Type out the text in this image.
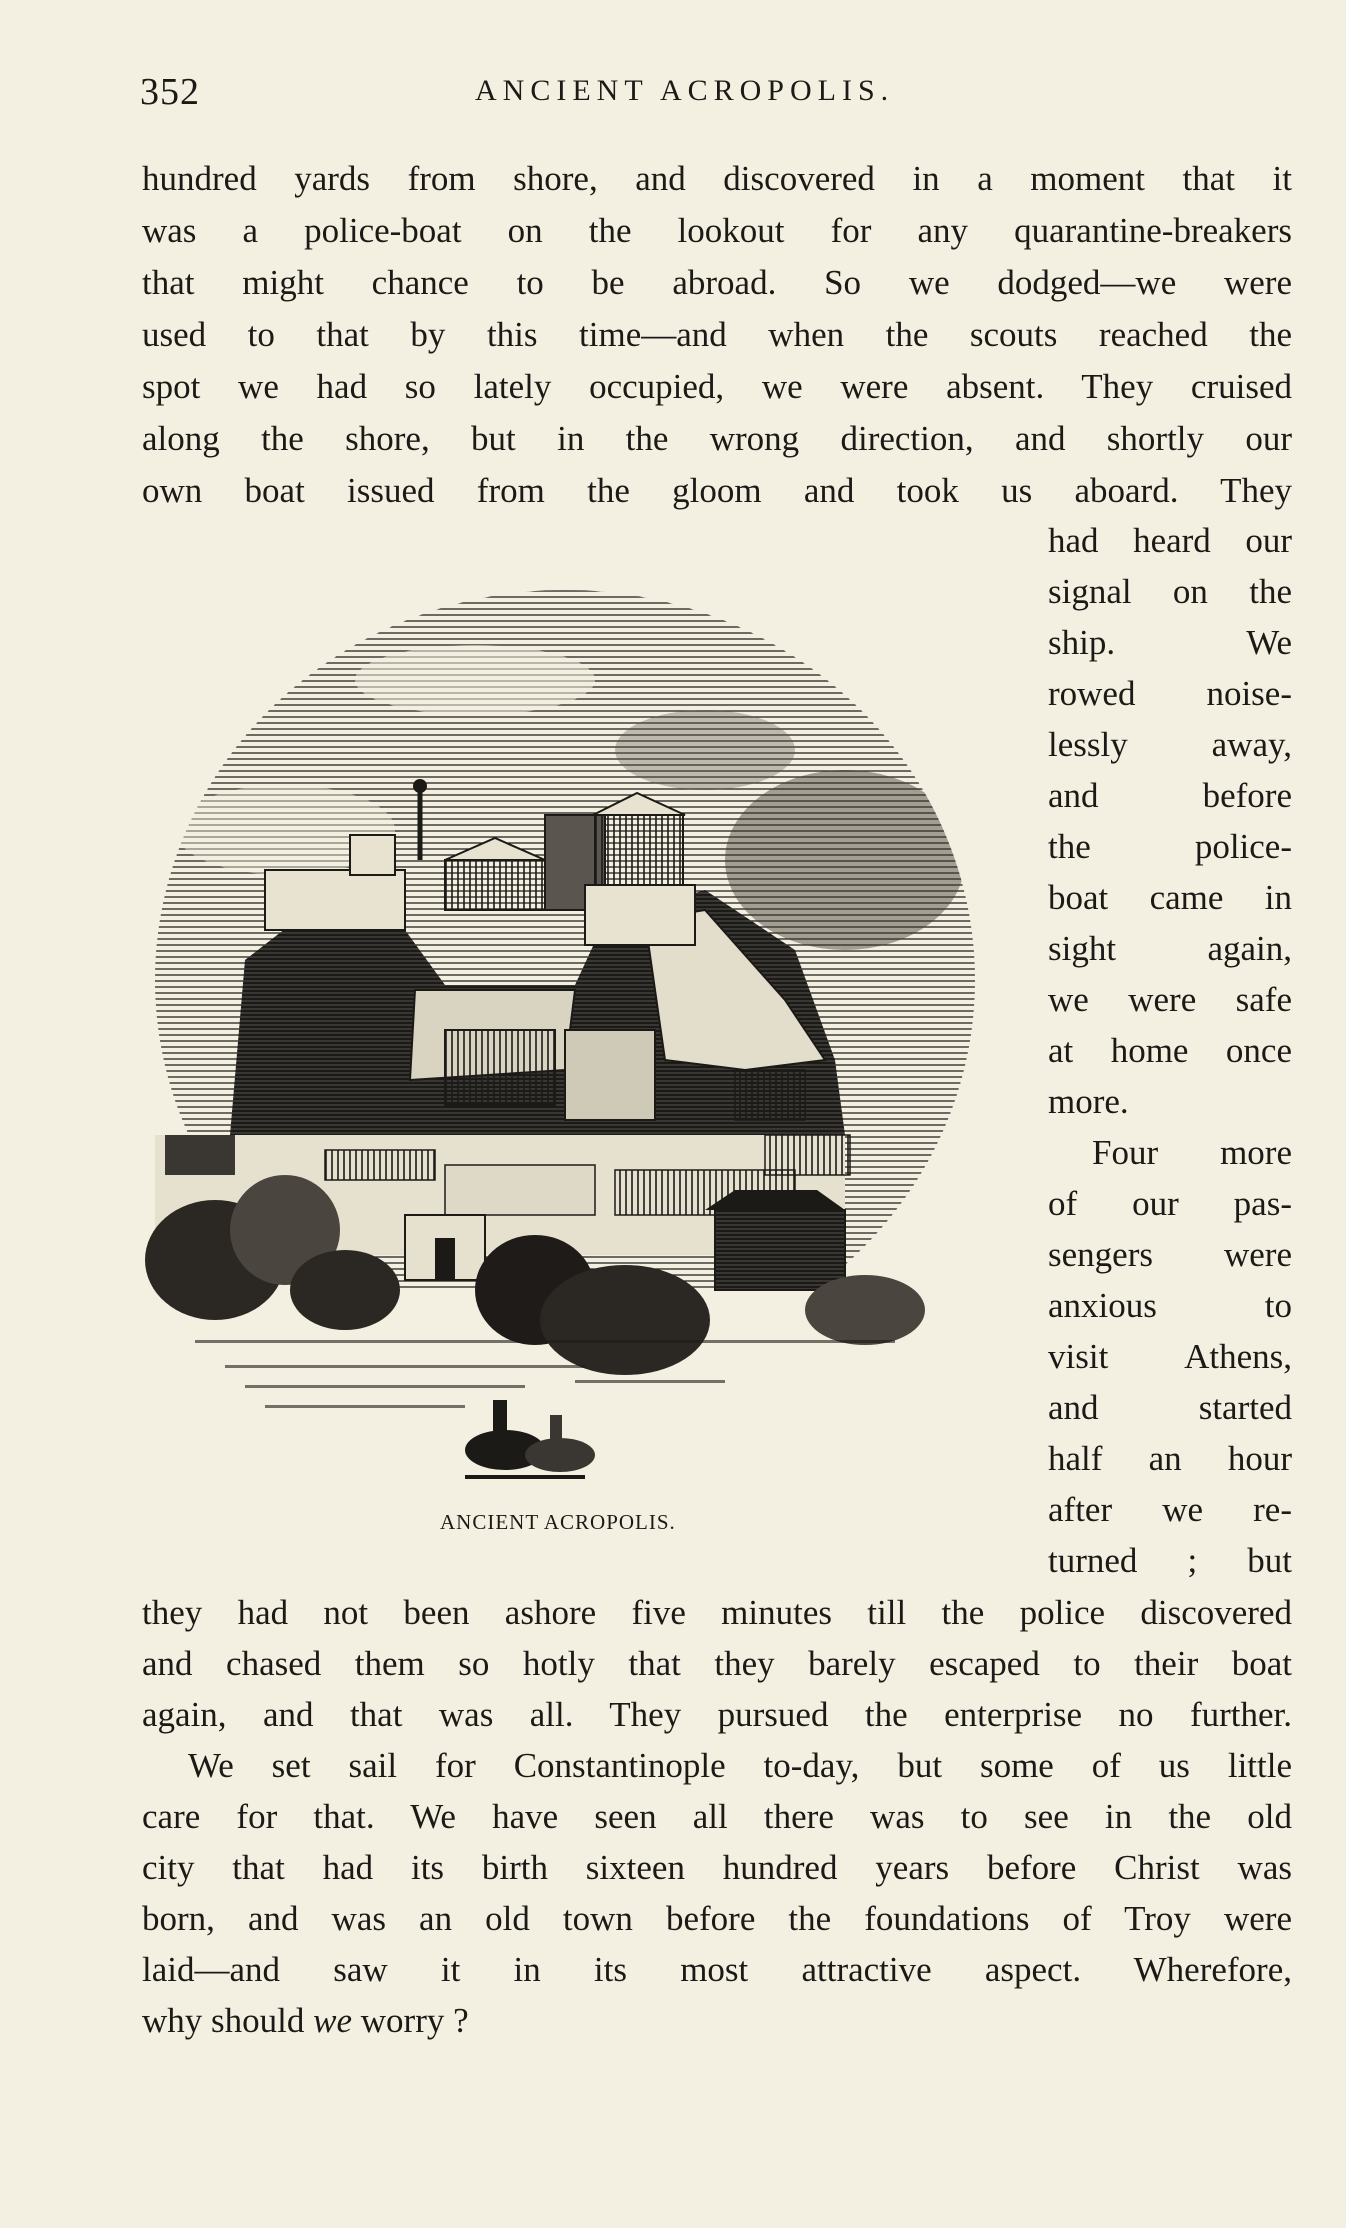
352	ANCIENT ACROPOLIS.
hundred yards from shore, and discovered in a moment that it
was a police-boat on the lookout for any quarantine-breakers
that might chance to be abroad. So we dodged—we were
used to that by this time—and when the scouts reached the
spot we had so lately occupied, we were absent. They cruised
along the shore, but in the wrong direction, and shortly our
own boat issued from the gloom and took us aboard. They
had heard our
signal on the
ship. We
rowed noise-
lessly away,
and before
the police-
boat came in
sight again,
we were safe
at home once
more.
Four more
of our pas-
sengers were
anxious to
visit Athens,
and started
half an hour
after we re-
turned ; but
ANCIENT ACROPOLIS.
they had not been ashore five minutes till the police discovered
and chased them so hotly that they barely escaped to their boat
again, and that was all. They pursued the enterprise no further.
We set sail for Constantinople to-day, but some of us little
care for that. We have seen all there was to see in the old
city that had its birth sixteen hundred years before Christ was
born, and was an old town before the foundations of Troy were
laid—and saw it in its most attractive aspect. Wherefore,
why should we worry ?
